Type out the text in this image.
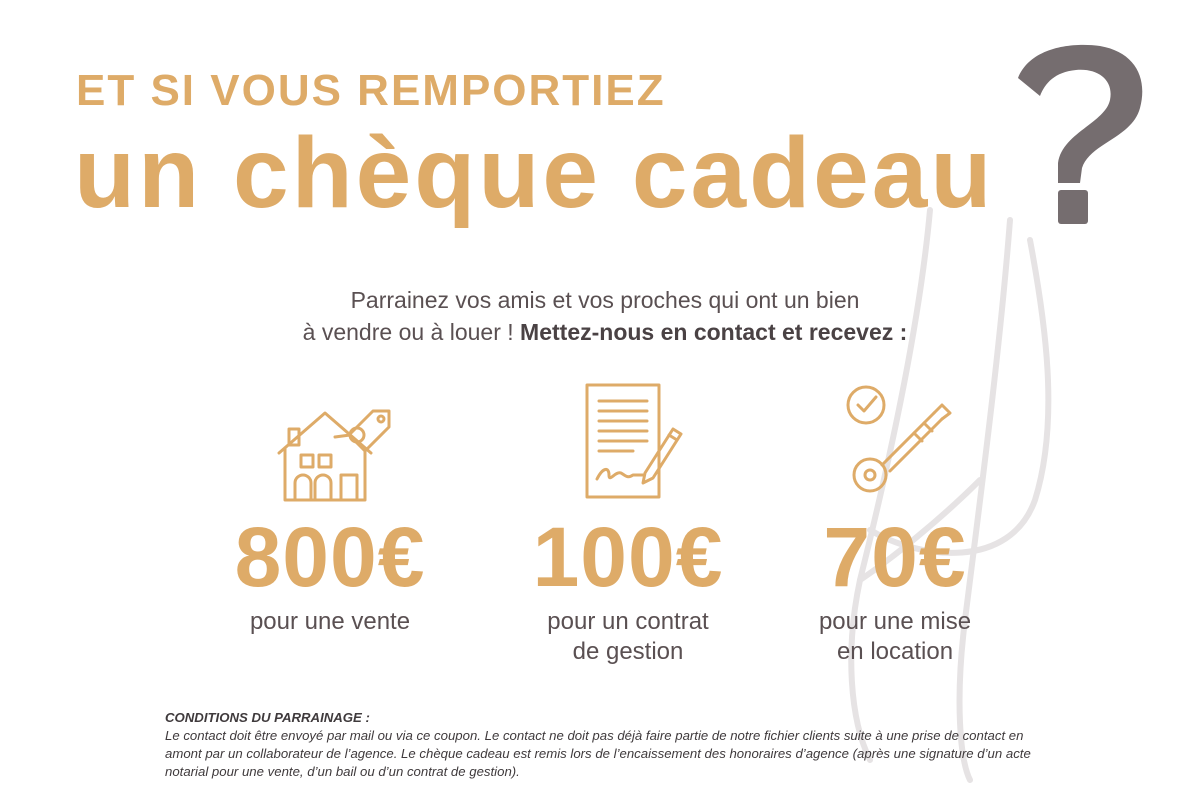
ET SI VOUS REMPORTIEZ
un chèque cadeau
Parrainez vos amis et vos proches qui ont un bien
à vendre ou à louer ! Mettez-nous en contact et recevez :
800€
pour une vente
100€
pour un contrat
de gestion
70€
pour une mise
en location
CONDITIONS DU PARRAINAGE :
Le contact doit être envoyé par mail ou via ce coupon. Le contact ne doit pas déjà faire partie de notre fichier clients suite à une prise de contact en amont par un collaborateur de l’agence. Le chèque cadeau est remis lors de l’encaissement des honoraires d’agence (après une signature d’un acte notarial pour une vente, d’un bail ou d’un contrat de gestion).
